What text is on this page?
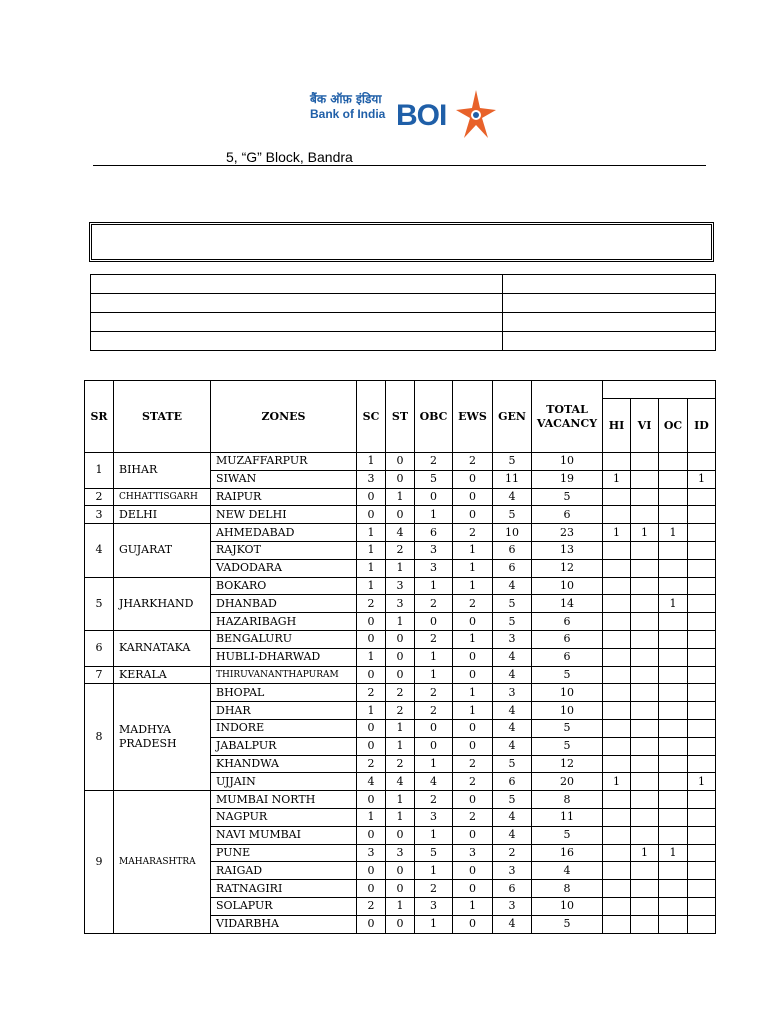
बैंक ऑफ़ इंडिया
Bank of India BOI
5, “G” Block, Bandra

SR	STATE	ZONES	SC	ST	OBC	EWS	GEN	TOTAL
VACANCY				
									HI	VI	OC	ID
1	BIHAR	MUZAFFARPUR	1	0	2	2	5	10				
		SIWAN	3	0	5	0	11	19	1			1
2	CHHATTISGARH	RAIPUR	0	1	0	0	4	5				
3	DELHI	NEW DELHI	0	0	1	0	5	6				
4	GUJARAT	AHMEDABAD	1	4	6	2	10	23	1	1	1	
		RAJKOT	1	2	3	1	6	13				
		VADODARA	1	1	3	1	6	12				
5	JHARKHAND	BOKARO	1	3	1	1	4	10				
		DHANBAD	2	3	2	2	5	14			1	
		HAZARIBAGH	0	1	0	0	5	6				
6	KARNATAKA	BENGALURU	0	0	2	1	3	6				
		HUBLI-DHARWAD	1	0	1	0	4	6				
7	KERALA	THIRUVANANTHAPURAM	0	0	1	0	4	5				
8	MADHYA PRADESH	BHOPAL	2	2	2	1	3	10				
		DHAR	1	2	2	1	4	10				
		INDORE	0	1	0	0	4	5				
		JABALPUR	0	1	0	0	4	5				
		KHANDWA	2	2	1	2	5	12				
		UJJAIN	4	4	4	2	6	20	1			1
9	MAHARASHTRA	MUMBAI NORTH	0	1	2	0	5	8				
		NAGPUR	1	1	3	2	4	11				
		NAVI MUMBAI	0	0	1	0	4	5				
		PUNE	3	3	5	3	2	16		1	1	
		RAIGAD	0	0	1	0	3	4				
		RATNAGIRI	0	0	2	0	6	8				
		SOLAPUR	2	1	3	1	3	10				
		VIDARBHA	0	0	1	0	4	5				
